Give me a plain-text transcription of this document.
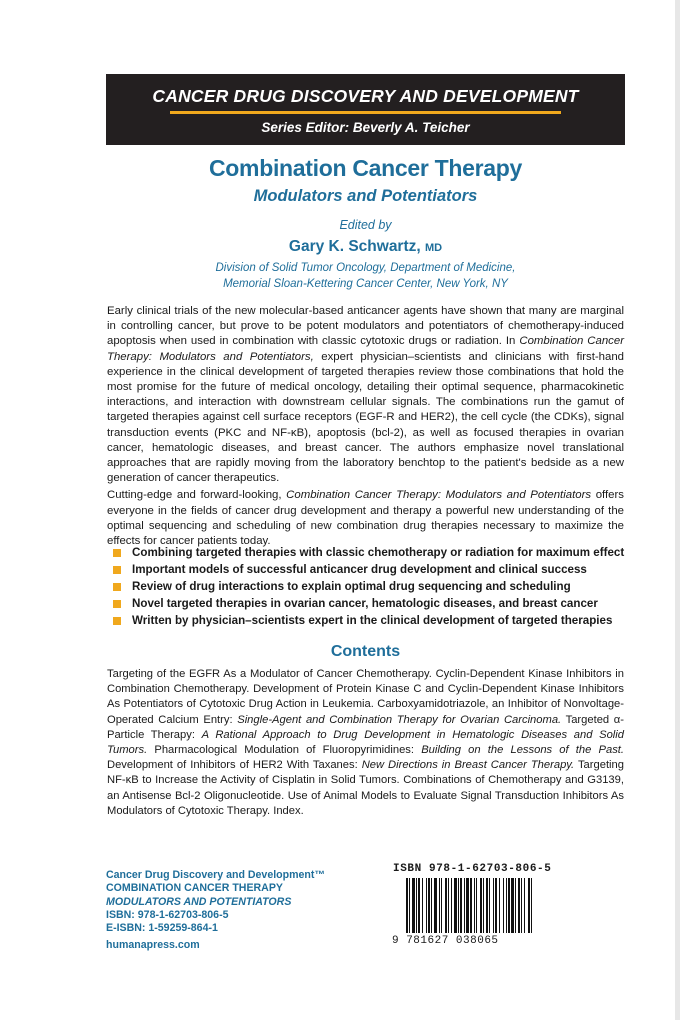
CANCER DRUG DISCOVERY AND DEVELOPMENT
Series Editor: Beverly A. Teicher
Combination Cancer Therapy
Modulators and Potentiators
Edited by
Gary K. Schwartz, MD
Division of Solid Tumor Oncology, Department of Medicine,
Memorial Sloan-Kettering Cancer Center, New York, NY

Early clinical trials of the new molecular-based anticancer agents have shown that many are marginal in controlling cancer, but prove to be potent modulators and potentiators of chemotherapy-induced apoptosis when used in combination with classic cytotoxic drugs or radiation. In Combination Cancer Therapy: Modulators and Potentiators, expert physician–scientists and clinicians with first-hand experience in the clinical development of targeted therapies review those combinations that hold the most promise for the future of medical oncology, detailing their optimal sequence, pharmacokinetic interactions, and interaction with downstream cellular signals. The combinations run the gamut of targeted therapies against cell surface receptors (EGF-R and HER2), the cell cycle (the CDKs), signal transduction events (PKC and NF-κB), apoptosis (bcl-2), as well as focused therapies in ovarian cancer, hematologic diseases, and breast cancer. The authors emphasize novel translational approaches that are rapidly moving from the laboratory benchtop to the patient's bedside as a new generation of cancer therapeutics.

Cutting-edge and forward-looking, Combination Cancer Therapy: Modulators and Potentiators offers everyone in the fields of cancer drug development and therapy a powerful new understanding of the optimal sequencing and scheduling of new combination drug therapies necessary to maximize the effects for cancer patients today.

Combining targeted therapies with classic chemotherapy or radiation for maximum effect
Important models of successful anticancer drug development and clinical success
Review of drug interactions to explain optimal drug sequencing and scheduling
Novel targeted therapies in ovarian cancer, hematologic diseases, and breast cancer
Written by physician–scientists expert in the clinical development of targeted therapies
Contents

Targeting of the EGFR As a Modulator of Cancer Chemotherapy. Cyclin-Dependent Kinase Inhibitors in Combination Chemotherapy. Development of Protein Kinase C and Cyclin-Dependent Kinase Inhibitors As Potentiators of Cytotoxic Drug Action in Leukemia. Carboxyamidotriazole, an Inhibitor of Nonvoltage-Operated Calcium Entry: Single-Agent and Combination Therapy for Ovarian Carcinoma. Targeted α-Particle Therapy: A Rational Approach to Drug Development in Hematologic Diseases and Solid Tumors. Pharmacological Modulation of Fluoropyrimidines: Building on the Lessons of the Past. Development of Inhibitors of HER2 With Taxanes: New Directions in Breast Cancer Therapy. Targeting NF-κB to Increase the Activity of Cisplatin in Solid Tumors. Combinations of Chemotherapy and G3139, an Antisense Bcl-2 Oligonucleotide. Use of Animal Models to Evaluate Signal Transduction Inhibitors As Modulators of Cytotoxic Therapy. Index.

Cancer Drug Discovery and Development™
COMBINATION CANCER THERAPY
MODULATORS AND POTENTIATORS
ISBN: 978-1-62703-806-5
E-ISBN: 1-59259-864-1
humanapress.com
ISBN 978-1-62703-806-5
9 781627 038065
